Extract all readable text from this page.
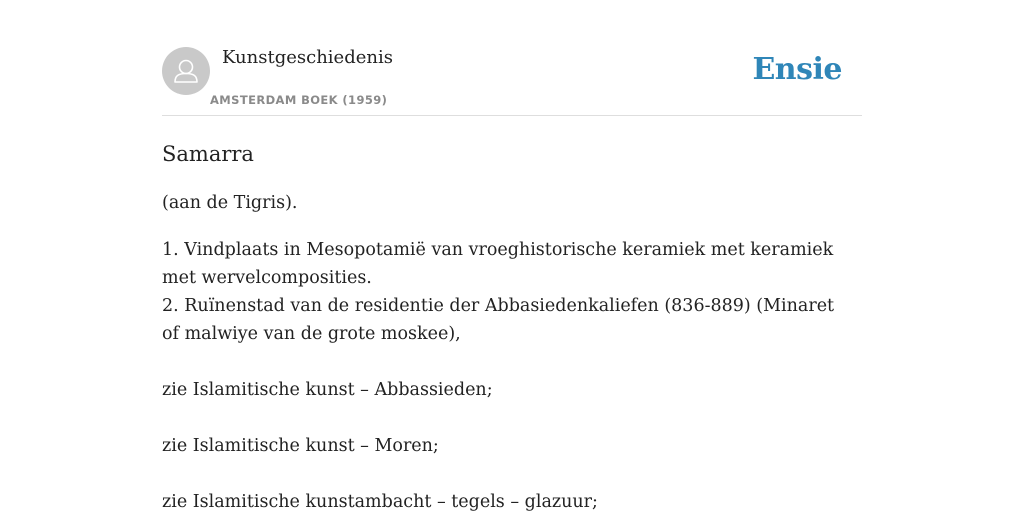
Kunstgeschiedenis
AMSTERDAM BOEK (1959)
Ensie
Samarra

(aan de Tigris).

1. Vindplaats in Mesopotamië van vroeghistorische keramiek met keramiek met wervelcomposities.

2. Ruïnenstad van de residentie der Abbasiedenkaliefen (836-889) (Minaret of malwiye van de grote moskee),

zie Islamitische kunst – Abbassieden;

zie Islamitische kunst – Moren;

zie Islamitische kunstambacht – tegels – glazuur;
